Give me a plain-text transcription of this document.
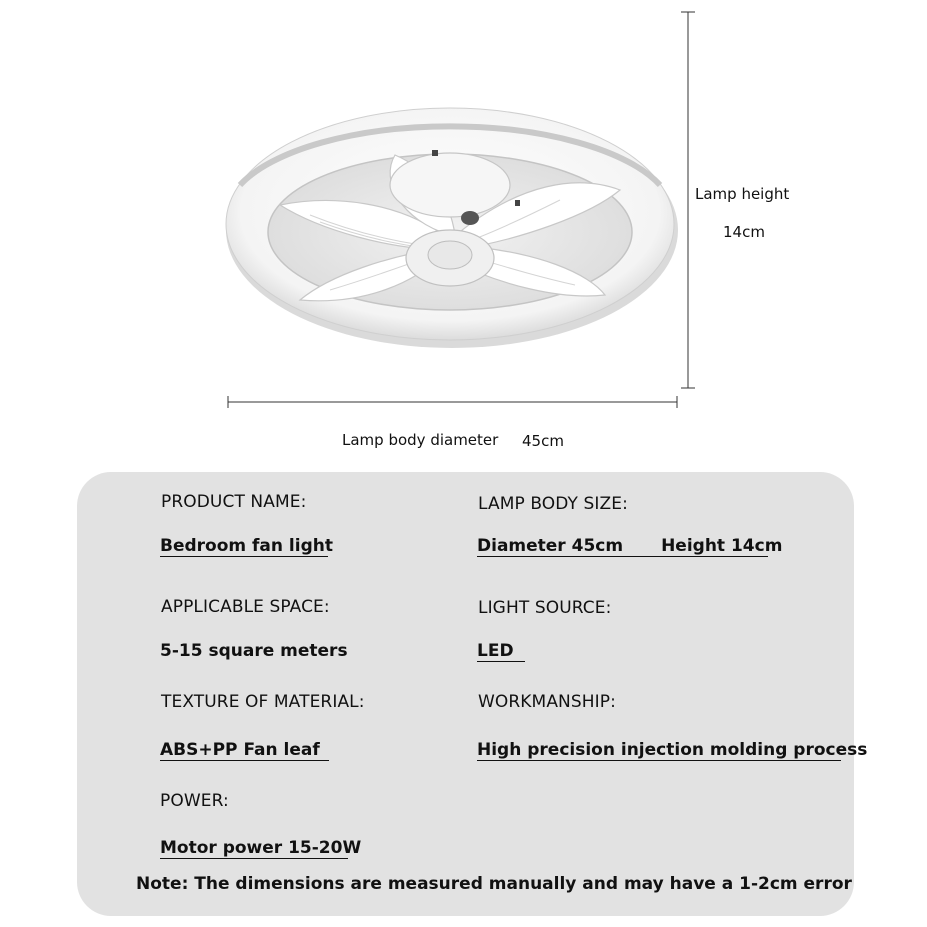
Lamp height
14cm
Lamp body diameter 45cm
PRODUCT NAME:
Bedroom fan light
LAMP BODY SIZE:
Diameter 45cm Height 14cm
APPLICABLE SPACE:
5-15 square meters
LIGHT SOURCE:
LED
TEXTURE OF MATERIAL:
ABS+PP Fan leaf
WORKMANSHIP:
High precision injection molding process
POWER:
Motor power 15-20W
Note: The dimensions are measured manually and may have a 1-2cm error
